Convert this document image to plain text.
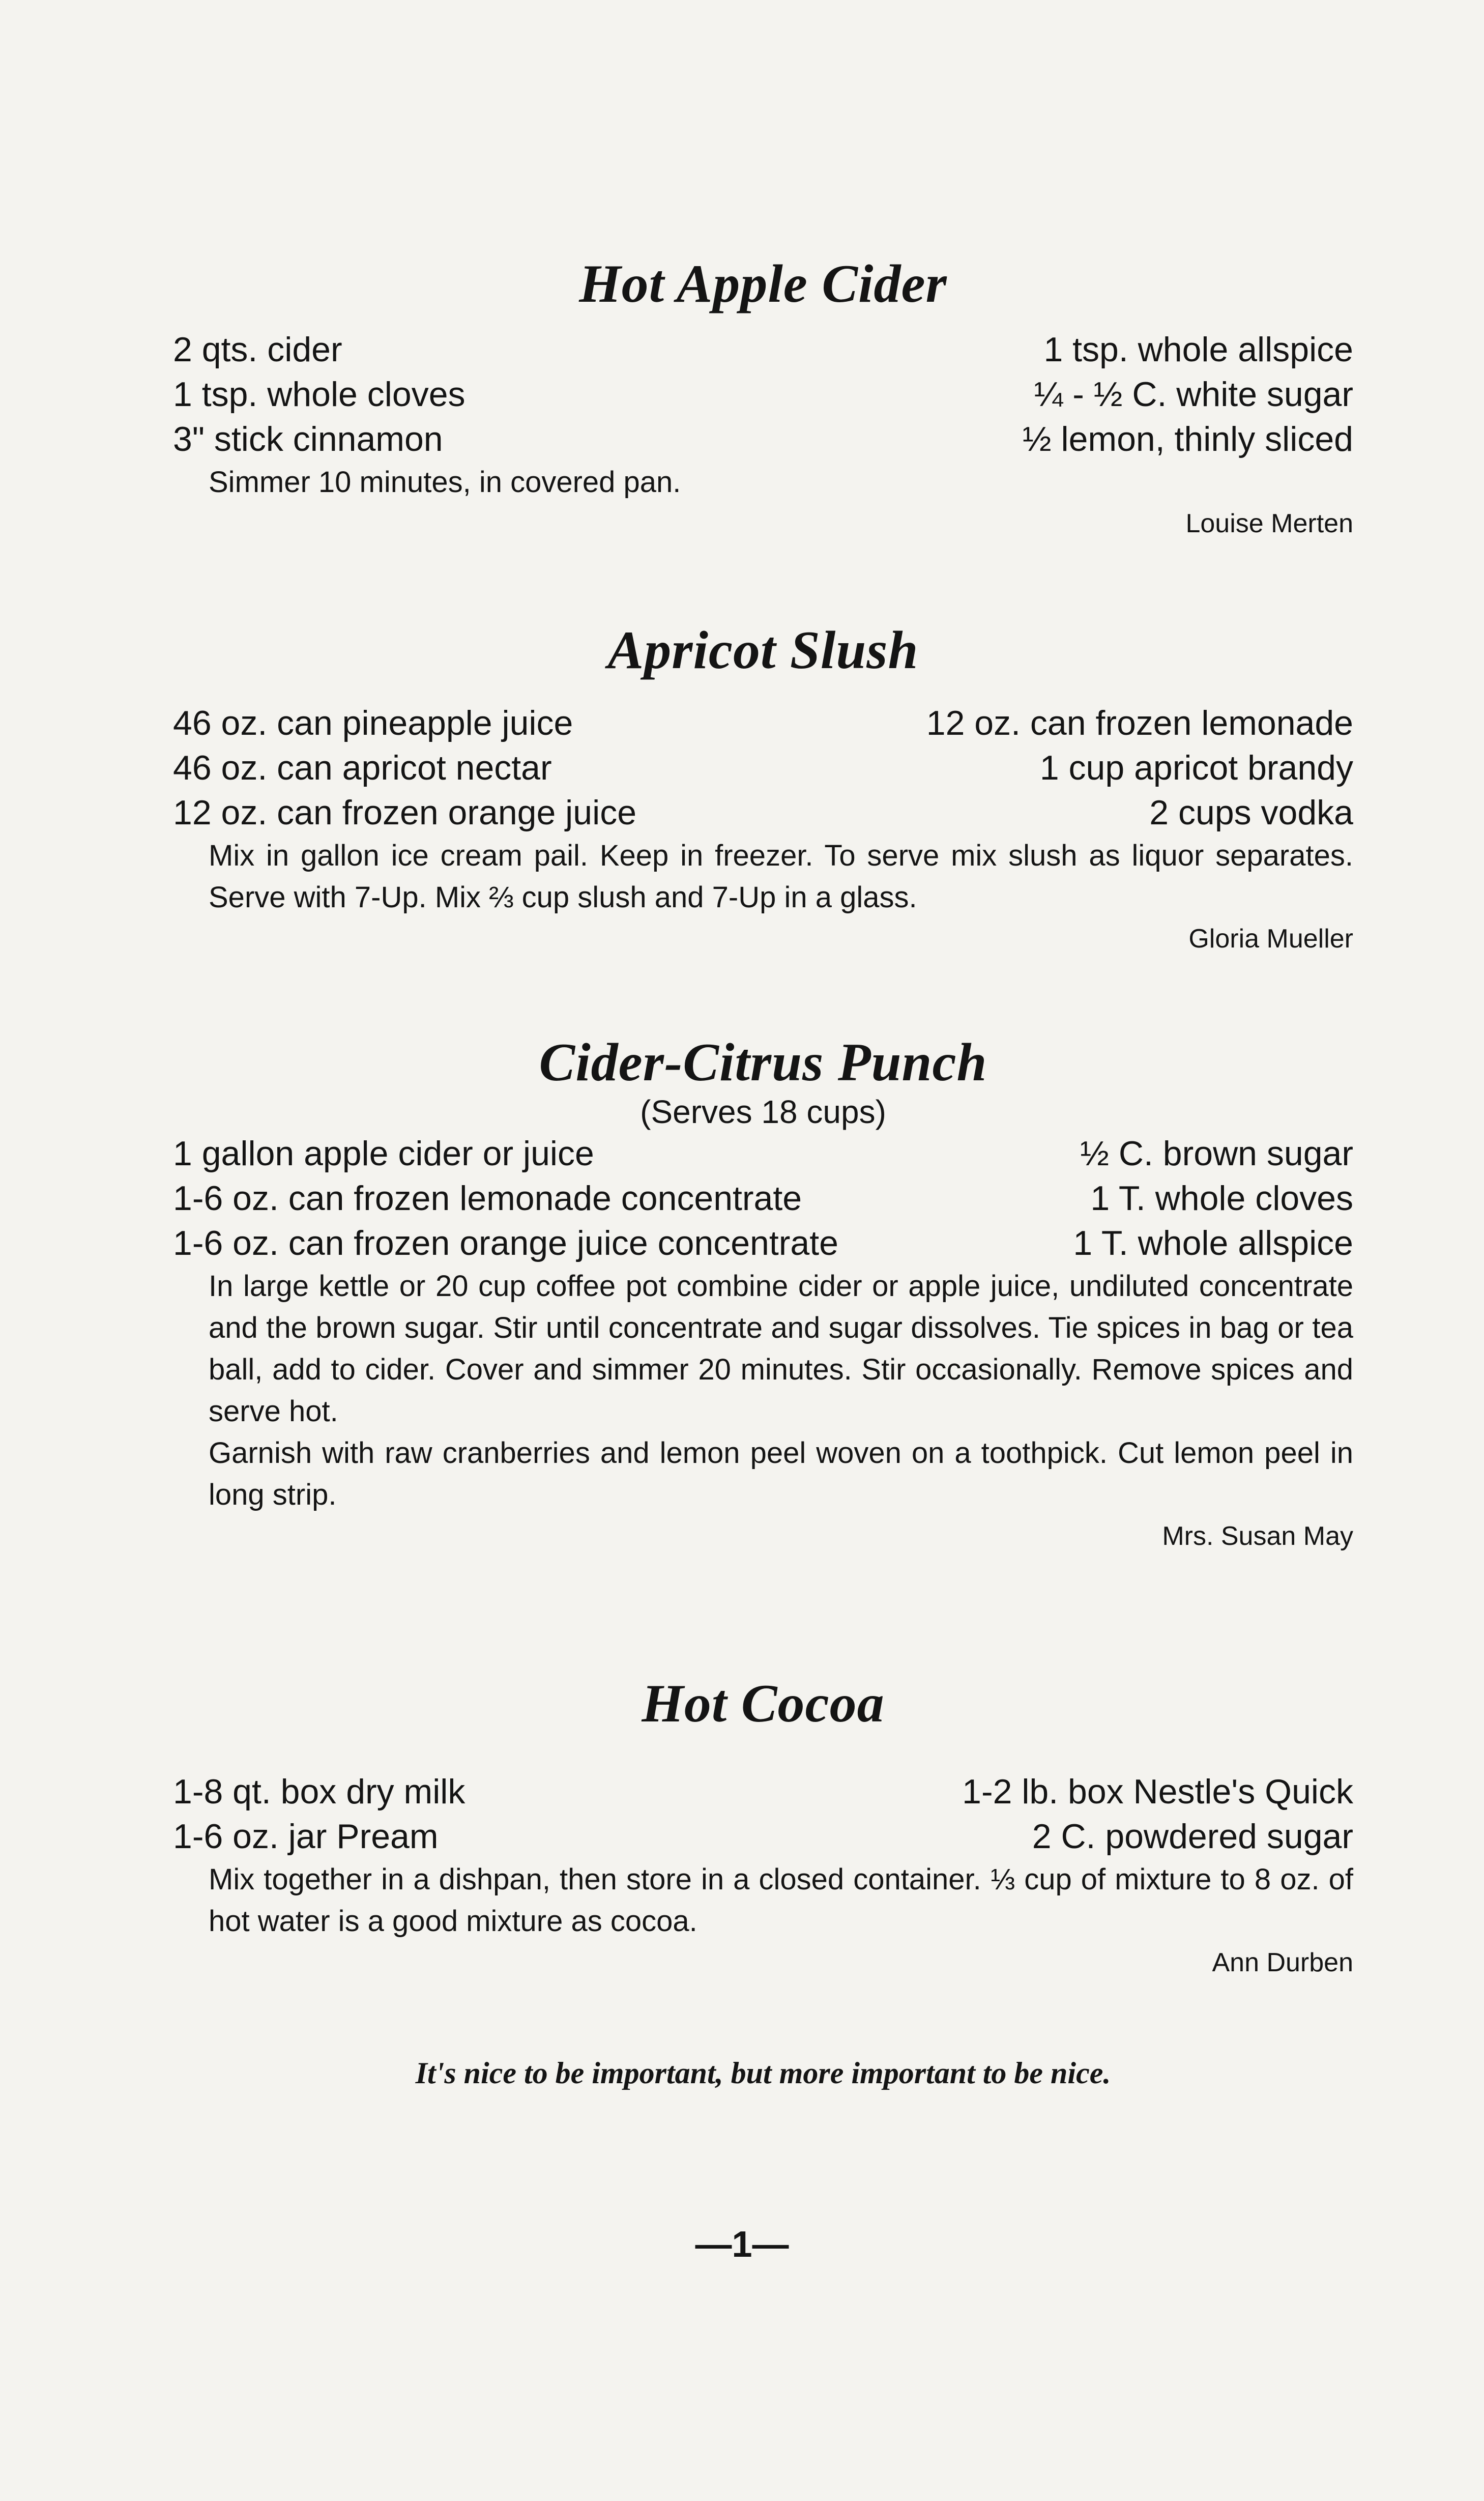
Hot Apple Cider
2 qts. cider	1 tsp. whole allspice
1 tsp. whole cloves	¼ - ½ C. white sugar
3" stick cinnamon	½ lemon, thinly sliced
Simmer 10 minutes, in covered pan.
Louise Merten
Apricot Slush
46 oz. can pineapple juice	12 oz. can frozen lemonade
46 oz. can apricot nectar	1 cup apricot brandy
12 oz. can frozen orange juice	2 cups vodka
Mix in gallon ice cream pail. Keep in freezer. To serve mix slush as liquor separates. Serve with 7-Up. Mix ⅔ cup slush and 7-Up in a glass.
Gloria Mueller
Cider-Citrus Punch
(Serves 18 cups)
1 gallon apple cider or juice	½ C. brown sugar
1-6 oz. can frozen lemonade concentrate	1 T. whole cloves
1-6 oz. can frozen orange juice concentrate	1 T. whole allspice
In large kettle or 20 cup coffee pot combine cider or apple juice, undiluted concentrate and the brown sugar. Stir until concentrate and sugar dissolves. Tie spices in bag or tea ball, add to cider. Cover and simmer 20 minutes. Stir occasionally. Remove spices and serve hot.
Garnish with raw cranberries and lemon peel woven on a toothpick. Cut lemon peel in long strip.
Mrs. Susan May
Hot Cocoa
1-8 qt. box dry milk	1-2 lb. box Nestle's Quick
1-6 oz. jar Pream	2 C. powdered sugar
Mix together in a dishpan, then store in a closed container. ⅓ cup of mixture to 8 oz. of hot water is a good mixture as cocoa.
Ann Durben
It's nice to be important, but more important to be nice.
—1—
